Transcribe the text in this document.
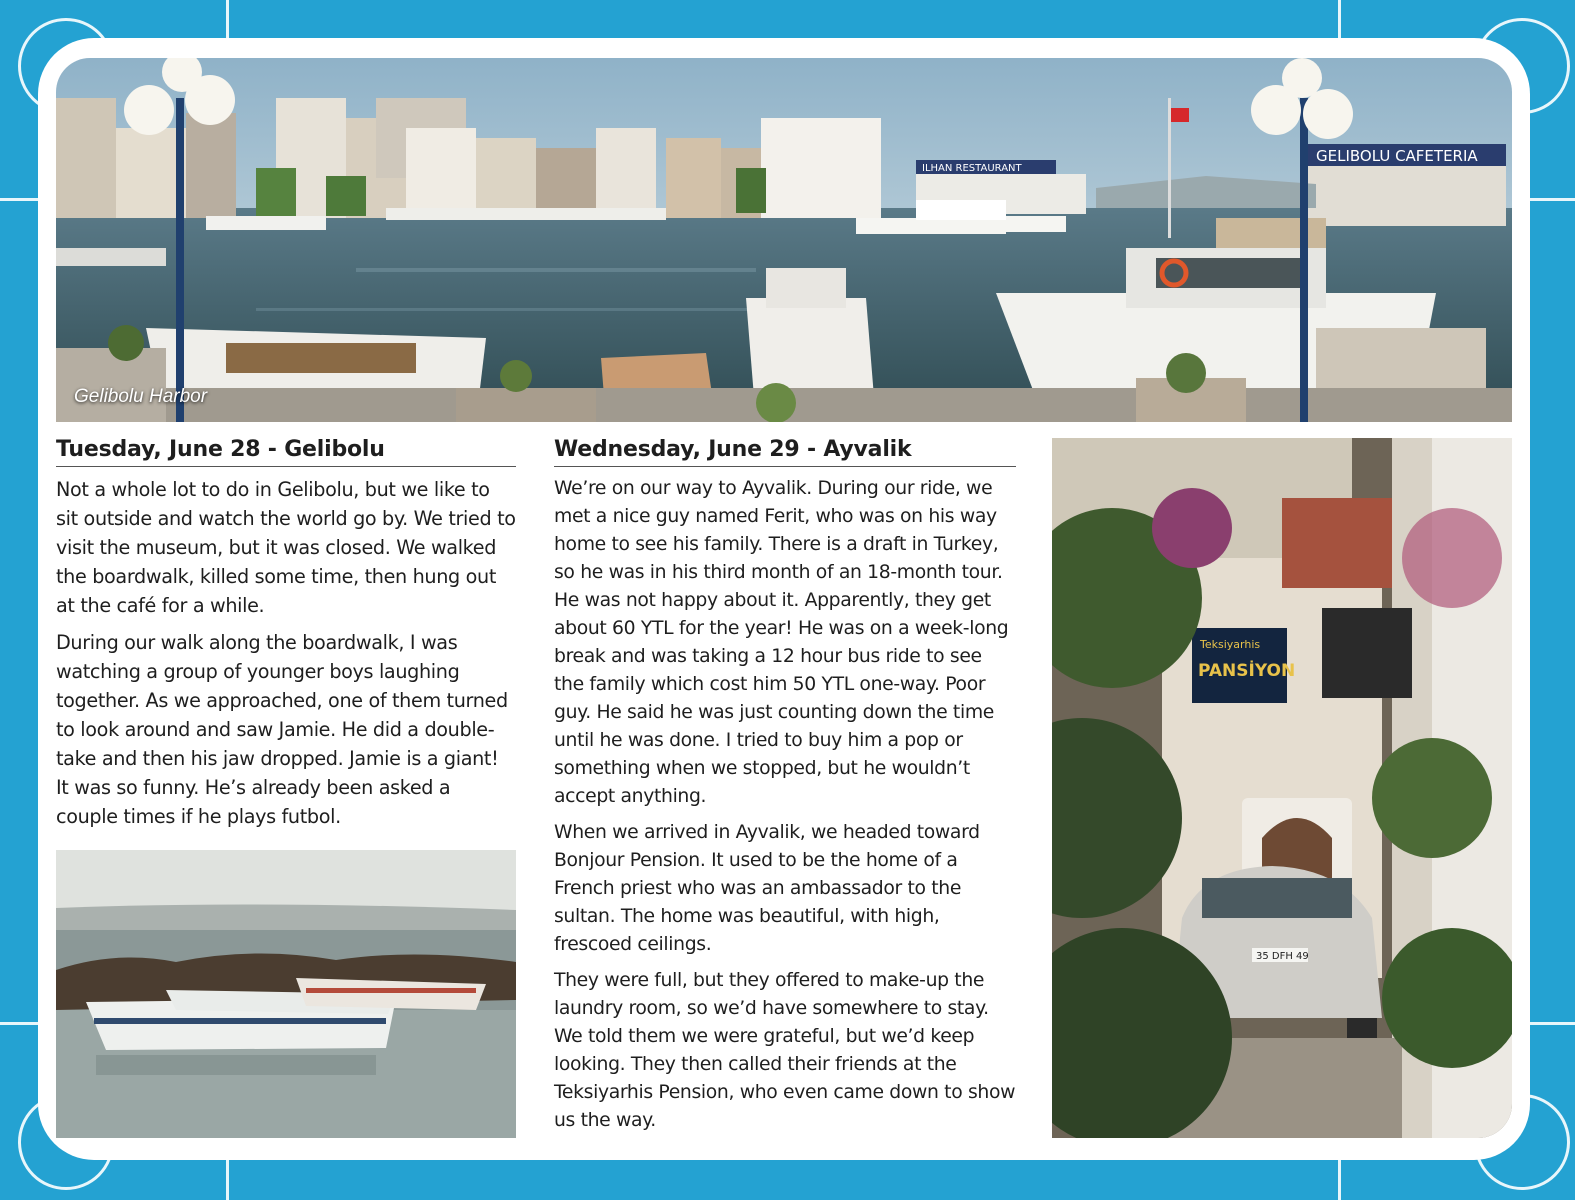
ILHAN RESTAURANT
GELIBOLU CAFETERIA
Gelibolu Harbor
Tuesday, June 28 - Gelibolu

Not a whole lot to do in Gelibolu, but we like to sit outside and watch the world go by. We tried to visit the museum, but it was closed. We walked the boardwalk, killed some time, then hung out at the café for a while.

During our walk along the boardwalk, I was watching a group of younger boys laughing together. As we approached, one of them turned to look around and saw Jamie. He did a double-take and then his jaw dropped. Jamie is a giant! It was so funny. He’s already been asked a couple times if he plays futbol.

Wednesday, June 29 - Ayvalik

We’re on our way to Ayvalik. During our ride, we met a nice guy named Ferit, who was on his way home to see his family. There is a draft in Turkey, so he was in his third month of an 18-month tour. He was not happy about it. Apparently, they get about 60 YTL for the year! He was on a week-long break and was taking a 12 hour bus ride to see the family which cost him 50 YTL one-way. Poor guy. He said he was just counting down the time until he was done. I tried to buy him a pop or something when we stopped, but he wouldn’t accept anything.

When we arrived in Ayvalik, we headed toward Bonjour Pension. It used to be the home of a French priest who was an ambassador to the sultan. The home was beautiful, with high, frescoed ceilings.

They were full, but they offered to make-up the laundry room, so we’d have somewhere to stay. We told them we were grateful, but we’d keep looking. They then called their friends at the Teksiyarhis Pension, who even came down to show us the way.

Teksiyarhis
PANSİYON
35 DFH 49
